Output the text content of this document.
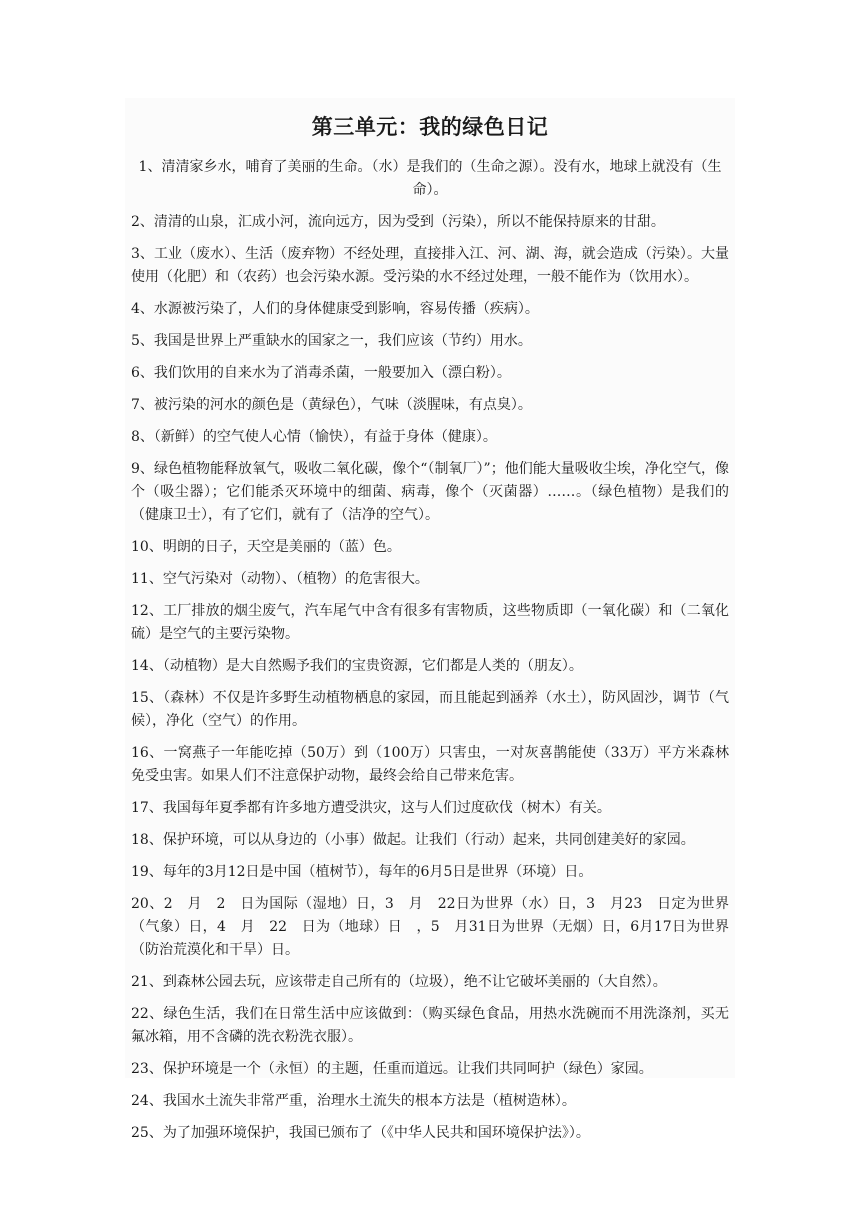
第三单元：我的绿色日记
1、清清家乡水，哺育了美丽的生命。（水）是我们的（生命之源）。没有水，地球上就没有（生命）。
2、清清的山泉，汇成小河，流向远方，因为受到（污染），所以不能保持原来的甘甜。
3、工业（废水）、生活（废弃物）不经处理，直接排入江、河、湖、海，就会造成（污染）。大量使用（化肥）和（农药）也会污染水源。受污染的水不经过处理，一般不能作为（饮用水）。
4、水源被污染了，人们的身体健康受到影响，容易传播（疾病）。
5、我国是世界上严重缺水的国家之一，我们应该（节约）用水。
6、我们饮用的自来水为了消毒杀菌，一般要加入（漂白粉）。
7、被污染的河水的颜色是（黄绿色），气味（淡腥味，有点臭）。
8、（新鲜）的空气使人心情（愉快），有益于身体（健康）。
9、绿色植物能释放氧气，吸收二氧化碳，像个“（制氧厂）”；他们能大量吸收尘埃，净化空气，像个（吸尘器）；它们能杀灭环境中的细菌、病毒，像个（灭菌器）……。（绿色植物）是我们的（健康卫士），有了它们，就有了（洁净的空气）。
10、明朗的日子，天空是美丽的（蓝）色。
11、空气污染对（动物）、（植物）的危害很大。
12、工厂排放的烟尘废气，汽车尾气中含有很多有害物质，这些物质即（一氧化碳）和（二氧化硫）是空气的主要污染物。
14、（动植物）是大自然赐予我们的宝贵资源，它们都是人类的（朋友）。
15、（森林）不仅是许多野生动植物栖息的家园，而且能起到涵养（水土），防风固沙，调节（气候），净化（空气）的作用。
16、一窝燕子一年能吃掉（50万）到（100万）只害虫，一对灰喜鹊能使（33万）平方米森林免受虫害。如果人们不注意保护动物，最终会给自己带来危害。
17、我国每年夏季都有许多地方遭受洪灾，这与人们过度砍伐（树木）有关。
18、保护环境，可以从身边的（小事）做起。让我们（行动）起来，共同创建美好的家园。
19、每年的3月12日是中国（植树节），每年的6月5日是世界（环境）日。
20、2　月　2　日为国际（湿地）日，3　月　22日为世界（水）日，3　月23　日定为世界（气象）日，4　月　22　日为（地球）日　，5　月31日为世界（无烟）日，6月17日为世界（防治荒漠化和干旱）日。
21、到森林公园去玩，应该带走自己所有的（垃圾），绝不让它破坏美丽的（大自然）。
22、绿色生活，我们在日常生活中应该做到：（购买绿色食品，用热水洗碗而不用洗涤剂，买无氟冰箱，用不含磷的洗衣粉洗衣服）。
23、保护环境是一个（永恒）的主题，任重而道远。让我们共同呵护（绿色）家园。
24、我国水土流失非常严重，治理水土流失的根本方法是（植树造林）。
25、为了加强环境保护，我国已颁布了（《中华人民共和国环境保护法》）。
